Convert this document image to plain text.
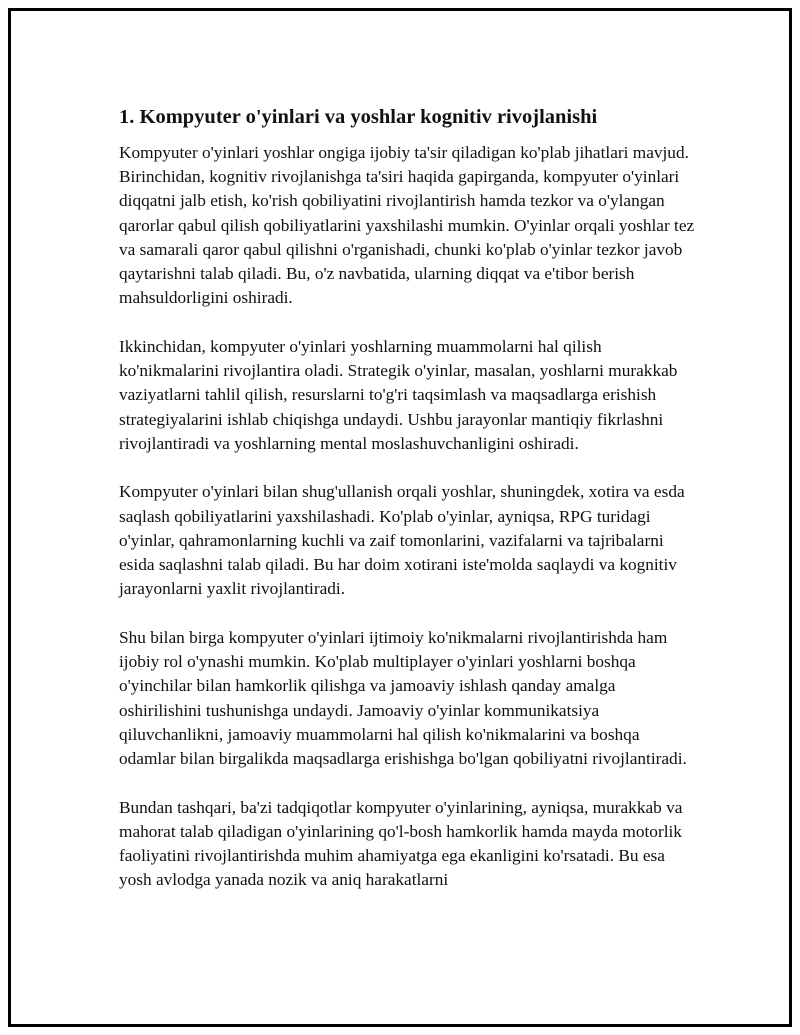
1. Kompyuter o'yinlari va yoshlar kognitiv rivojlanishi

Kompyuter o'yinlari yoshlar ongiga ijobiy ta'sir qiladigan ko'plab jihatlari mavjud. Birinchidan, kognitiv rivojlanishga ta'siri haqida gapirganda, kompyuter o'yinlari diqqatni jalb etish, ko'rish qobiliyatini rivojlantirish hamda tezkor va o'ylangan qarorlar qabul qilish qobiliyatlarini yaxshilashi mumkin. O'yinlar orqali yoshlar tez va samarali qaror qabul qilishni o'rganishadi, chunki ko'plab o'yinlar tezkor javob qaytarishni talab qiladi. Bu, o'z navbatida, ularning diqqat va e'tibor berish mahsuldorligini oshiradi.

Ikkinchidan, kompyuter o'yinlari yoshlarning muammolarni hal qilish ko'nikmalarini rivojlantira oladi. Strategik o'yinlar, masalan, yoshlarni murakkab vaziyatlarni tahlil qilish, resurslarni to'g'ri taqsimlash va maqsadlarga erishish strategiyalarini ishlab chiqishga undaydi. Ushbu jarayonlar mantiqiy fikrlashni rivojlantiradi va yoshlarning mental moslashuvchanligini oshiradi.

Kompyuter o'yinlari bilan shug'ullanish orqali yoshlar, shuningdek, xotira va esda saqlash qobiliyatlarini yaxshilashadi. Ko'plab o'yinlar, ayniqsa, RPG turidagi o'yinlar, qahramonlarning kuchli va zaif tomonlarini, vazifalarni va tajribalarni esida saqlashni talab qiladi. Bu har doim xotirani iste'molda saqlaydi va kognitiv jarayonlarni yaxlit rivojlantiradi.

Shu bilan birga kompyuter o'yinlari ijtimoiy ko'nikmalarni rivojlantirishda ham ijobiy rol o'ynashi mumkin. Ko'plab multiplayer o'yinlari yoshlarni boshqa o'yinchilar bilan hamkorlik qilishga va jamoaviy ishlash qanday amalga oshirilishini tushunishga undaydi. Jamoaviy o'yinlar kommunikatsiya qiluvchanlikni, jamoaviy muammolarni hal qilish ko'nikmalarini va boshqa odamlar bilan birgalikda maqsadlarga erishishga bo'lgan qobiliyatni rivojlantiradi.

Bundan tashqari, ba'zi tadqiqotlar kompyuter o'yinlarining, ayniqsa, murakkab va mahorat talab qiladigan o'yinlarining qo'l-bosh hamkorlik hamda mayda motorlik faoliyatini rivojlantirishda muhim ahamiyatga ega ekanligini ko'rsatadi. Bu esa yosh avlodga yanada nozik va aniq harakatlarni
